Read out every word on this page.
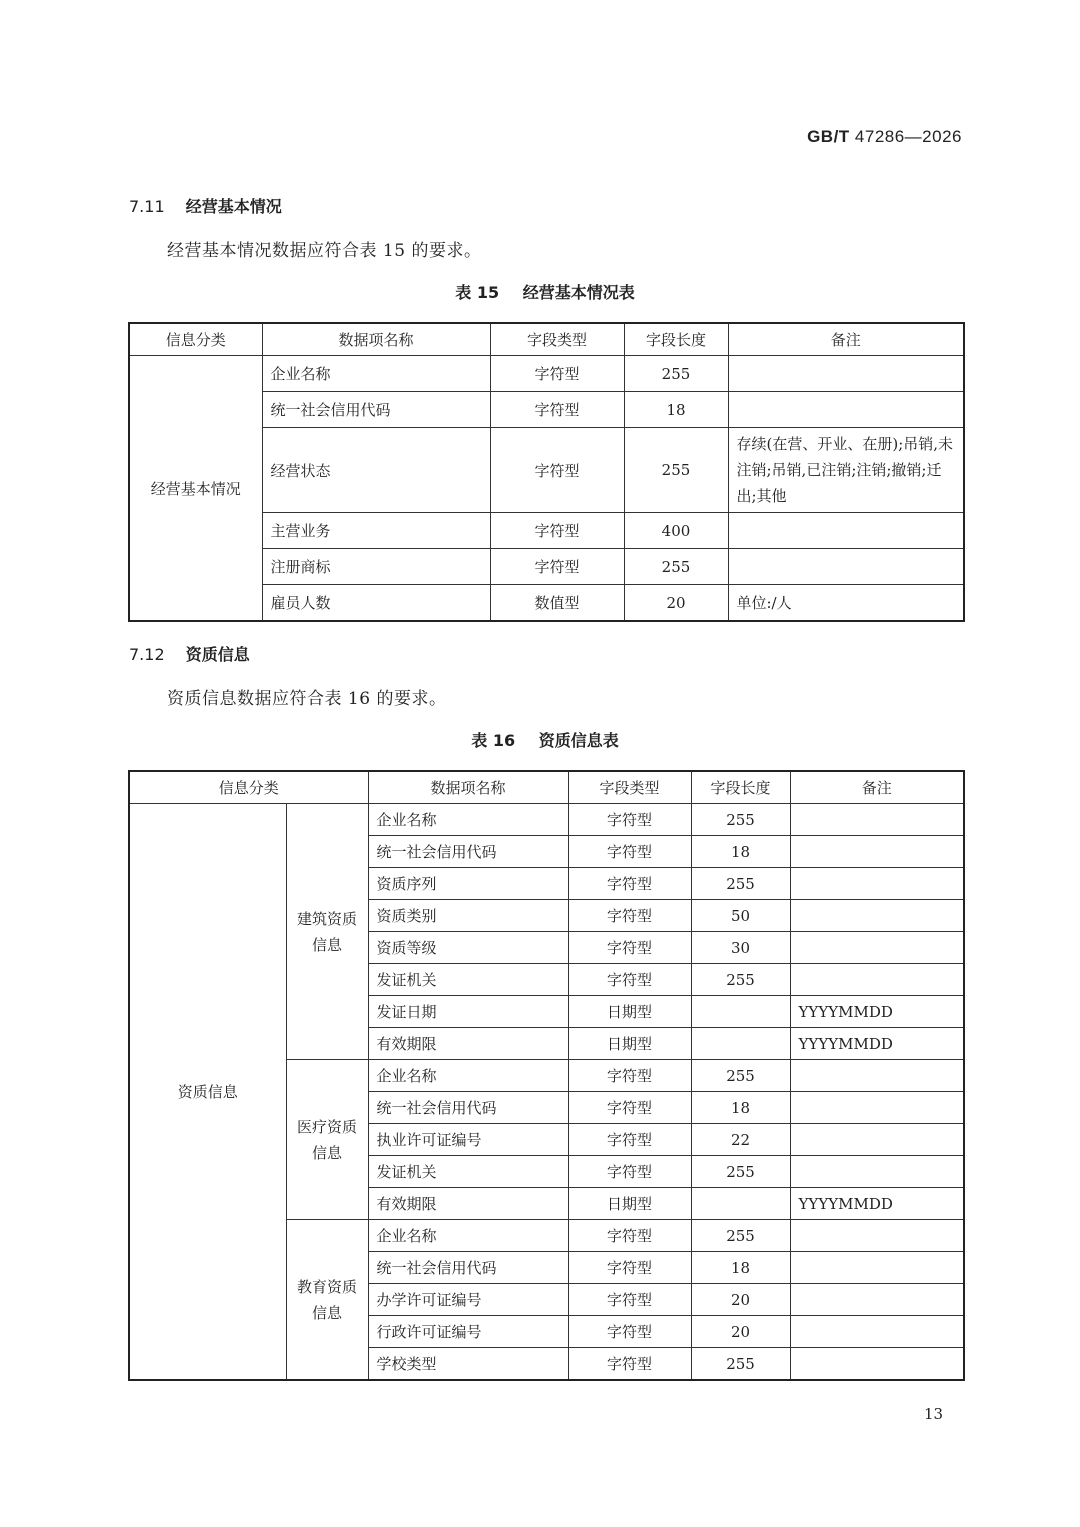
GB/T 47286—2026
7.11 经营基本情况
经营基本情况数据应符合表 15 的要求。
表 15 经营基本情况表
信息分类	数据项名称	字段类型	字段长度	备注
经营基本情况	企业名称	字符型	255	
	统一社会信用代码	字符型	18	
	经营状态	字符型	255	存续(在营、开业、在册);吊销,未注销;吊销,已注销;注销;撤销;迁出;其他
	主营业务	字符型	400	
	注册商标	字符型	255	
	雇员人数	数值型	20	单位:/人
7.12 资质信息
资质信息数据应符合表 16 的要求。
表 16 资质信息表
信息分类		数据项名称	字段类型	字段长度	备注
资质信息	建筑资质信息	企业名称	字符型	255	
		统一社会信用代码	字符型	18	
		资质序列	字符型	255	
		资质类别	字符型	50	
		资质等级	字符型	30	
		发证机关	字符型	255	
		发证日期	日期型		YYYYMMDD
		有效期限	日期型		YYYYMMDD
	医疗资质信息	企业名称	字符型	255	
		统一社会信用代码	字符型	18	
		执业许可证编号	字符型	22	
		发证机关	字符型	255	
		有效期限	日期型		YYYYMMDD
	教育资质信息	企业名称	字符型	255	
		统一社会信用代码	字符型	18	
		办学许可证编号	字符型	20	
		行政许可证编号	字符型	20	
		学校类型	字符型	255	
13
